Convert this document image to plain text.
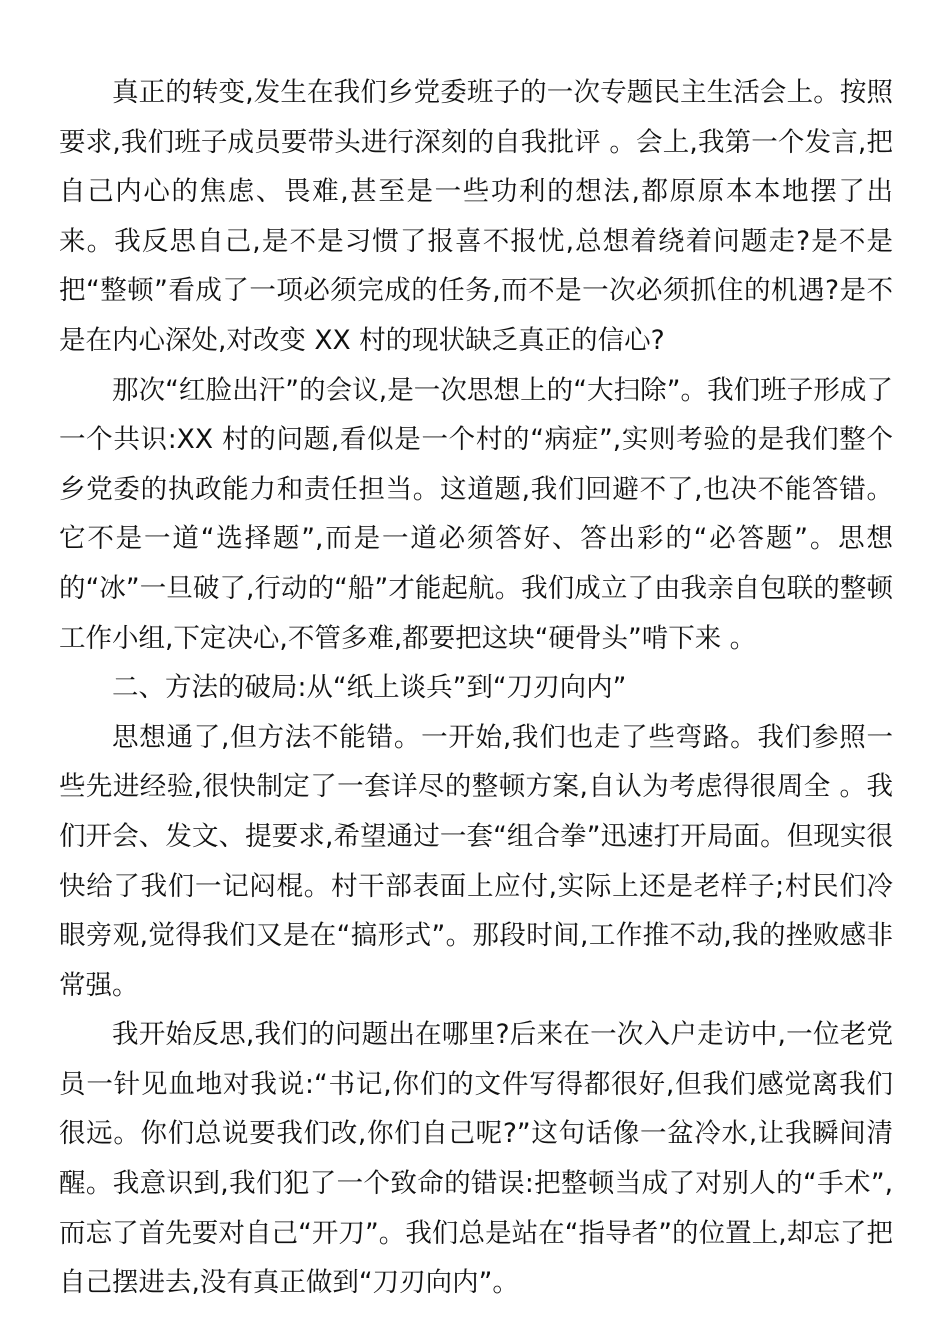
真正的转变,发生在我们乡党委班子的一次专题民主生活会上。按照要求,我们班子成员要带头进行深刻的自我批评 。会上,我第一个发言,把自己内心的焦虑、畏难,甚至是一些功利的想法,都原原本本地摆了出来。我反思自己,是不是习惯了报喜不报忧,总想着绕着问题走?是不是把“整顿”看成了一项必须完成的任务,而不是一次必须抓住的机遇?是不是在内心深处,对改变 XX 村的现状缺乏真正的信心?

那次“红脸出汗”的会议,是一次思想上的“大扫除”。我们班子形成了一个共识:XX 村的问题,看似是一个村的“病症”,实则考验的是我们整个乡党委的执政能力和责任担当。这道题,我们回避不了,也决不能答错。它不是一道“选择题”,而是一道必须答好、答出彩的“必答题”。思想的“冰”一旦破了,行动的“船”才能起航。我们成立了由我亲自包联的整顿工作小组,下定决心,不管多难,都要把这块“硬骨头”啃下来 。

二、方法的破局:从“纸上谈兵”到“刀刃向内”

思想通了,但方法不能错。一开始,我们也走了些弯路。我们参照一些先进经验,很快制定了一套详尽的整顿方案,自认为考虑得很周全 。我们开会、发文、提要求,希望通过一套“组合拳”迅速打开局面。但现实很快给了我们一记闷棍。村干部表面上应付,实际上还是老样子;村民们冷眼旁观,觉得我们又是在“搞形式”。那段时间,工作推不动,我的挫败感非常强。

我开始反思,我们的问题出在哪里?后来在一次入户走访中,一位老党员一针见血地对我说:“书记,你们的文件写得都很好,但我们感觉离我们很远。你们总说要我们改,你们自己呢?”这句话像一盆冷水,让我瞬间清醒。我意识到,我们犯了一个致命的错误:把整顿当成了对别人的“手术”,而忘了首先要对自己“开刀”。我们总是站在“指导者”的位置上,却忘了把自己摆进去,没有真正做到“刀刃向内”。
